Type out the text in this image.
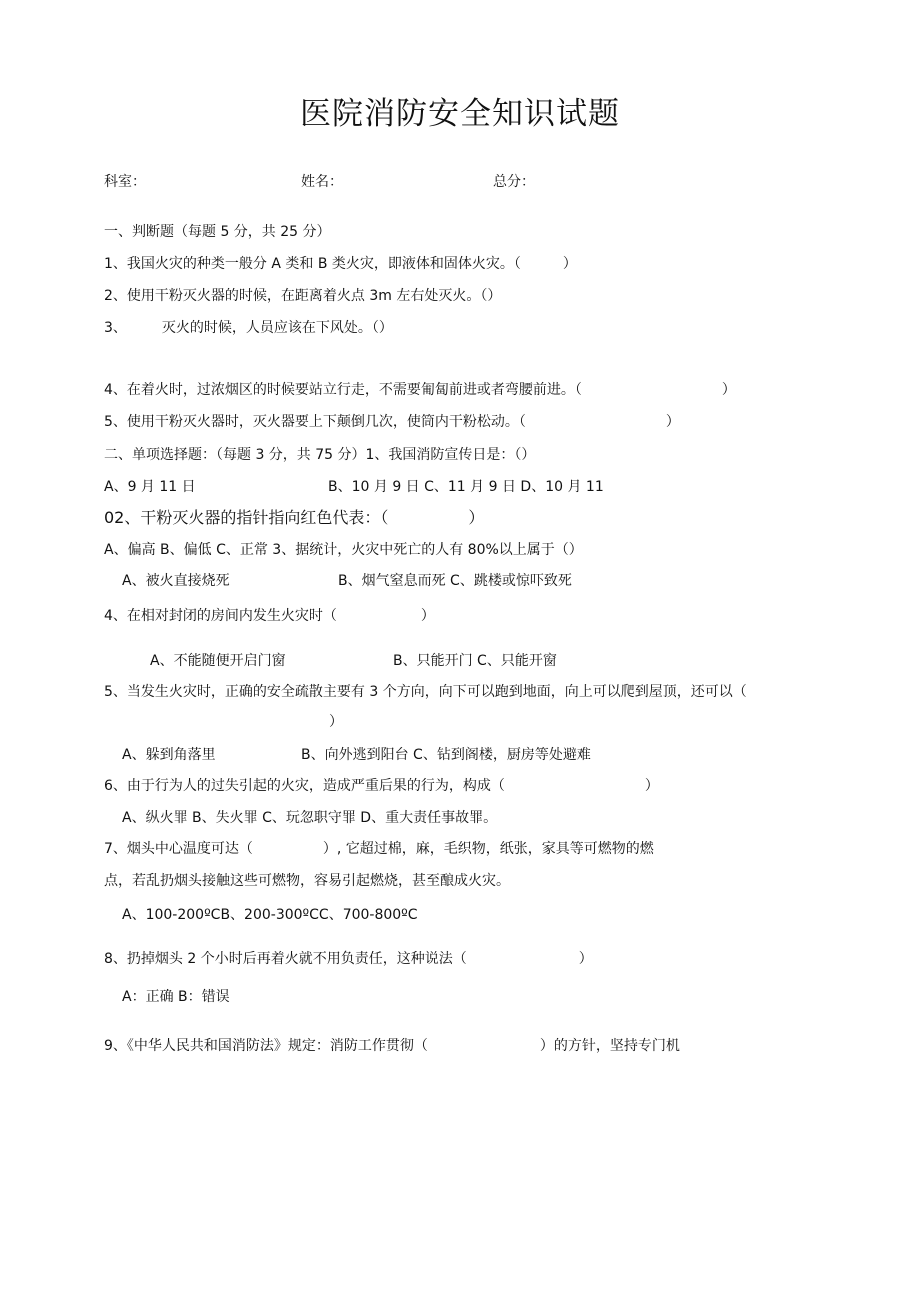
医院消防安全知识试题
科室：	姓名：	总分：
一、判断题（每题 5 分，共 25 分）
1、我国火灾的种类一般分 A 类和 B 类火灾，即液体和固体火灾。（　　　）
2、使用干粉灭火器的时候，在距离着火点 3m 左右处灭火。（）
3、　　　灭火的时候，人员应该在下风处。（）
4、在着火时，过浓烟区的时候要站立行走，不需要匍匐前进或者弯腰前进。（　　　　　　　　　　）
5、使用干粉灭火器时，灭火器要上下颠倒几次，使筒内干粉松动。（　　　　　　　　　　）
二、单项选择题：（每题 3 分，共 75 分）1、我国消防宣传日是：（）
A、9 月 11 日	B、10 月 9 日 C、11 月 9 日 D、10 月 11
02、干粉灭火器的指针指向红色代表：（　　　　　）
A、偏高 B、偏低 C、正常 3、据统计，火灾中死亡的人有 80%以上属于（）
A、被火直接烧死	B、烟气窒息而死 C、跳楼或惊吓致死
4、在相对封闭的房间内发生火灾时（　　　　　　）
A、不能随便开启门窗	B、只能开门 C、只能开窗
5、当发生火灾时，正确的安全疏散主要有 3 个方向，向下可以跑到地面，向上可以爬到屋顶，还可以（
）
A、躲到角落里	B、向外逃到阳台 C、钻到阁楼，厨房等处避难
6、由于行为人的过失引起的火灾，造成严重后果的行为，构成（　　　　　　　　　　）
A、纵火罪 B、失火罪 C、玩忽职守罪 D、重大责任事故罪。
7、烟头中心温度可达（　　　　　）, 它超过棉，麻，毛织物，纸张，家具等可燃物的燃
点，若乱扔烟头接触这些可燃物，容易引起燃烧，甚至酿成火灾。
A、100-200ºCB、200-300ºCC、700-800ºC
8、扔掉烟头 2 个小时后再着火就不用负责任，这种说法（　　　　　　　　）
A：正确 B：错误
9、《中华人民共和国消防法》规定：消防工作贯彻（　　　　　　　　）的方针，坚持专门机
